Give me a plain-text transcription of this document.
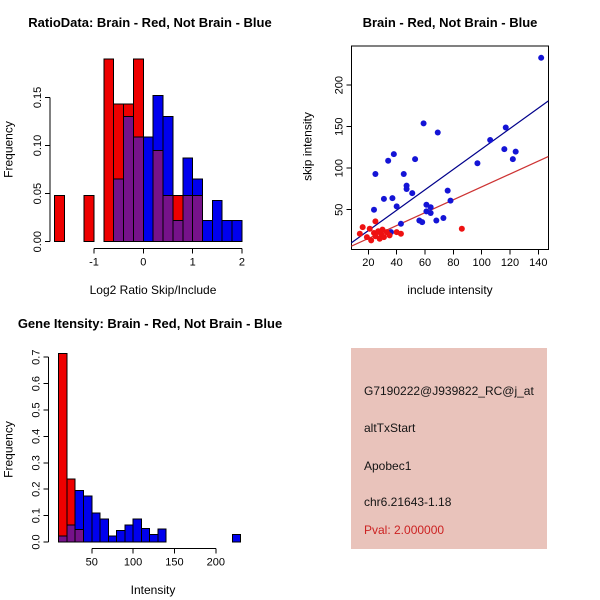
0.00
0.05
0.10
0.15
-1	0	1	2
0.0
0.1
0.2
0.3
0.4
0.5
0.6
0.7
50 100 150 200
50
100
150
200
20 40 60 80 100 120 140
RatioData: Brain - Red, Not Brain - Blue
Frequency
Log2 Ratio Skip/Include
Brain - Red, Not Brain - Blue
skip intensity
include intensity
Gene Itensity: Brain - Red, Not Brain - Blue
Frequency
Intensity
G7190222@J939822_RC@j_at
altTxStart
Apobec1
chr6.21643-1.18
Pval: 2.000000
